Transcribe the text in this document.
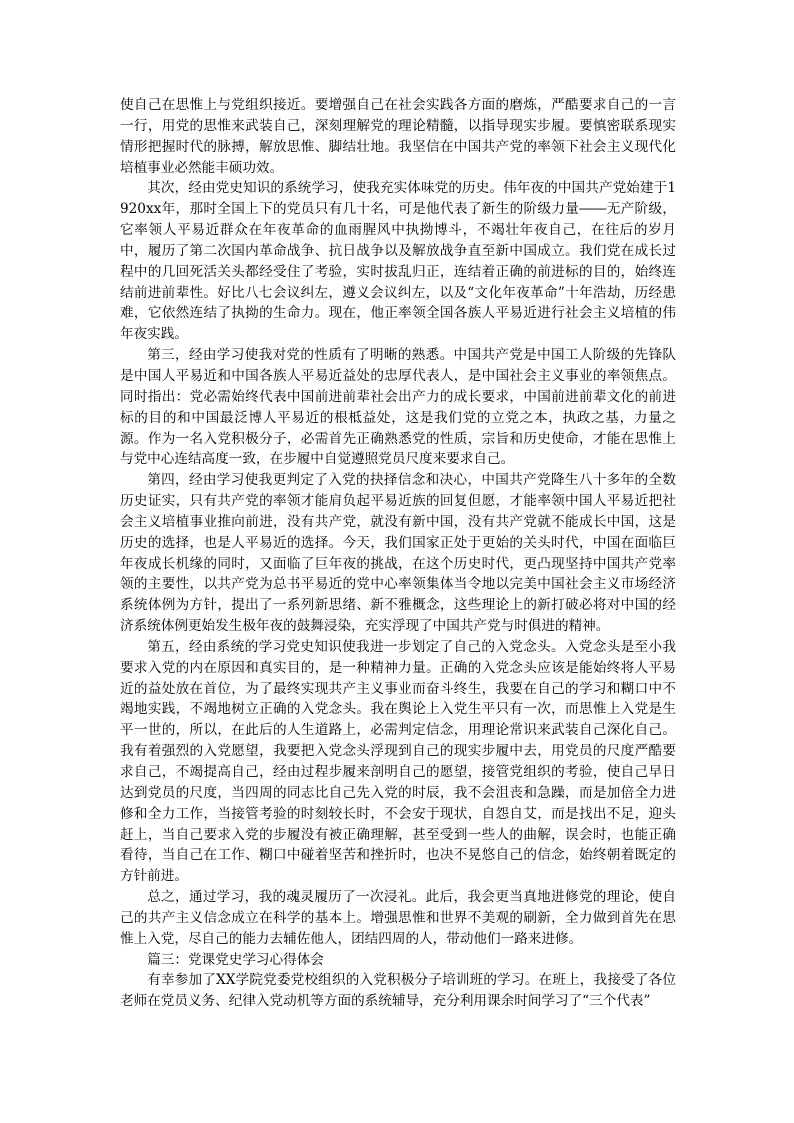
使自己在思惟上与党组织接近。要增强自己在社会实践各方面的磨炼，严酷要求自己的一言一行，用党的思惟来武装自己，深刻理解党的理论精髓，以指导现实步履。要慎密联系现实情形把握时代的脉搏，解放思惟、脚结壮地。我坚信在中国共产党的率领下社会主义现代化培植事业必然能丰硕功效。

其次，经由党史知识的系统学习，使我充实体味党的历史。伟年夜的中国共产党始建于1920xx年，那时全国上下的党员只有几十名，可是他代表了新生的阶级力量――无产阶级，它率领人平易近群众在年夜革命的血雨腥风中执拗博斗，不竭壮年夜自己，在往后的岁月中，履历了第二次国内革命战争、抗日战争以及解放战争直至新中国成立。我们党在成长过程中的几回死活关头都经受住了考验，实时拔乱归正，连结着正确的前进标的目的，始终连结前进前辈性。好比八七会议纠左，遵义会议纠左，以及“文化年夜革命”十年浩劫，历经患难，它依然连结了执拗的生命力。现在，他正率领全国各族人平易近进行社会主义培植的伟年夜实践。

第三，经由学习使我对党的性质有了明晰的熟悉。中国共产党是中国工人阶级的先锋队是中国人平易近和中国各族人平易近益处的忠厚代表人，是中国社会主义事业的率领焦点。同时指出：党必需始终代表中国前进前辈社会出产力的成长要求，中国前进前辈文化的前进标的目的和中国最泛博人平易近的根柢益处，这是我们党的立党之本，执政之基，力量之源。作为一名入党积极分子，必需首先正确熟悉党的性质，宗旨和历史使命，才能在思惟上与党中心连结高度一致，在步履中自觉遵照党员尺度来要求自己。

第四，经由学习使我更判定了入党的抉择信念和决心，中国共产党降生八十多年的全数历史证实，只有共产党的率领才能肩负起平易近族的回复但愿，才能率领中国人平易近把社会主义培植事业推向前进，没有共产党，就没有新中国，没有共产党就不能成长中国，这是历史的选择，也是人平易近的选择。今天，我们国家正处于更始的关头时代，中国在面临巨年夜成长机缘的同时，又面临了巨年夜的挑战，在这个历史时代，更凸现坚持中国共产党率领的主要性，以共产党为总书平易近的党中心率领集体当令地以完美中国社会主义市场经济系统体例为方针，提出了一系列新思绪、新不雅概念，这些理论上的新打破必将对中国的经济系统体例更始发生极年夜的鼓舞浸染，充实浮现了中国共产党与时俱进的精神。

第五，经由系统的学习党史知识使我进一步划定了自己的入党念头。入党念头是至小我要求入党的内在原因和真实目的，是一种精神力量。正确的入党念头应该是能始终将人平易近的益处放在首位，为了最终实现共产主义事业而奋斗终生，我要在自己的学习和糊口中不竭地实践，不竭地树立正确的入党念头。我在舆论上入党生平只有一次，而思惟上入党是生平一世的，所以，在此后的人生道路上，必需判定信念，用理论常识来武装自己深化自己。我有着强烈的入党愿望，我要把入党念头浮现到自己的现实步履中去，用党员的尺度严酷要求自己，不竭提高自己，经由过程步履来剖明自己的愿望，接管党组织的考验，使自己早日达到党员的尺度，当四周的同志比自己先入党的时辰，我不会沮丧和急躁，而是加倍全力进修和全力工作，当接管考验的时刻较长时，不会安于现状，自怨自艾，而是找出不足，迎头赶上，当自己要求入党的步履没有被正确理解，甚至受到一些人的曲解，误会时，也能正确看待，当自己在工作、糊口中碰着坚苦和挫折时，也决不晃悠自己的信念，始终朝着既定的方针前进。

总之，通过学习，我的魂灵履历了一次浸礼。此后，我会更当真地进修党的理论，使自己的共产主义信念成立在科学的基本上。增强思惟和世界不美观的刷新，全力做到首先在思惟上入党，尽自己的能力去辅佐他人，团结四周的人，带动他们一路来进修。

篇三：党课党史学习心得体会

有幸参加了XX学院党委党校组织的入党积极分子培训班的学习。在班上，我接受了各位老师在党员义务、纪律入党动机等方面的系统辅导，充分利用课余时间学习了“三个代表”
